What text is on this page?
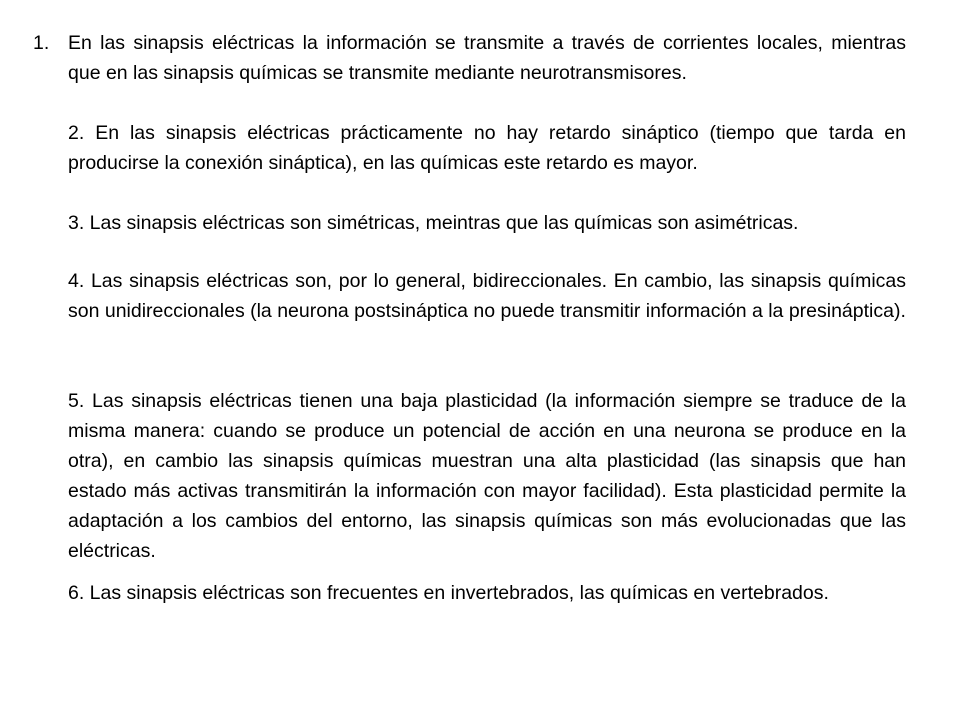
1. En las sinapsis eléctricas la información se transmite a través de corrientes locales, mientras que en las sinapsis químicas se transmite mediante neurotransmisores.
2. En las sinapsis eléctricas prácticamente no hay retardo sináptico (tiempo que tarda en producirse la conexión sináptica), en las químicas este retardo es mayor.
3. Las sinapsis eléctricas son simétricas, meintras que las químicas son asimétricas.
4. Las sinapsis eléctricas son, por lo general, bidireccionales. En cambio, las sinapsis químicas son unidireccionales (la neurona postsináptica no puede transmitir información a la presináptica).
5. Las sinapsis eléctricas tienen una baja plasticidad (la información siempre se traduce de la misma manera: cuando se produce un potencial de acción en una neurona se produce en la otra), en cambio las sinapsis químicas muestran una alta plasticidad (las sinapsis que han estado más activas transmitirán la información con mayor facilidad). Esta plasticidad permite la adaptación a los cambios del entorno, las sinapsis químicas son más evolucionadas que las eléctricas.
6. Las sinapsis eléctricas son frecuentes en invertebrados, las químicas en vertebrados.
